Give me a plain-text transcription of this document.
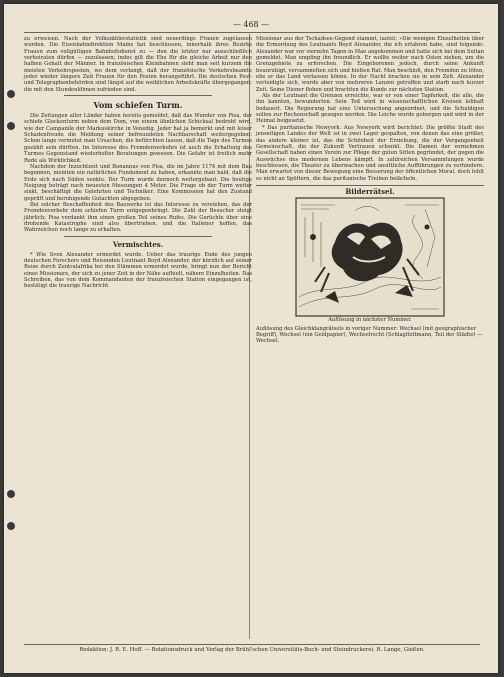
— 468 —

zu erweisen. Nach der Volkszählerstatistik sind neuerdings Frauen zugelassen worden. Die Eisenbahndirektion Mainz hat beschlossen, innerhalb ihres Bezirks Frauen zum vollgültigen Bahnhofsdienst zu — den die letzter nur ausschließlich verheiraten dürfen — zuzulassen; indes gilt die Ehe für die gleiche Arbeit nur den halben Gehalt der Männer. In französischen Kleinbahnen sieht man seit kurzem die meisten Verkehrsposten, wo dem verlangt, daß der französische Verkehrsbeamte jeder wieder längere Zeit Frauen für den Posten herangeführt. Die deutschen Post- und Telegraphenbehörden sind längst auf die weiblichen Arbeitskräfte übergegangen; die mit den Stundenlöhnen zufrieden sind.

Vom schiefen Turm.

Die Zeitungen aller Länder haben bereits gemeldet, daß das Wunder von Pisa, der schiefe Glockenturm neben dem Dom, von einem ähnlichen Schicksal bedroht wird, wie der Campanile der Markuskirche in Venedig. Jeder hat ja bemerkt und mit leiser Schadenfreude die Meldung seiner befreundeten Nachbarschaft weitergegeben: Schon lange vermutet man Ursachen, die befürchten lassen, daß die Tage des Turmes gezählt sein dürften. Im Interesse des Fremdenverkehrs ist auch die Erhaltung des Turmes Gegenstand wiederholter Beratungen gewesen. Die Gefahr ist freilich mehr Rede als Wirklichkeit.

Nachdem der Inzuchtzeit und Bonannus von Pisa, die im Jahre 1174 mit dem Bau begonnen, meinten ein natürliches Fundament zu haben, erkannte man bald, daß die Erde sich nach Süden senkte. Der Turm wurde dennoch weitergebaut. Die heutige Neigung beträgt nach neuesten Messungen 4 Meter. Die Frage ob der Turm weiter sinkt, beschäftigt die Gelehrten und Techniker. Eine Kommission hat den Zustand geprüft und beruhigende Gutachten abgegeben.

Bei solcher Beschaffenheit des Bauwerks ist das Interesse zu verstehen, das der Fremdenverkehr dem schiefen Turm entgegenbringt. Die Zahl der Besucher steigt jährlich; Pisa verdankt ihm einen großen Teil seines Rufes. Die Gerüchte über eine drohende Katastrophe sind also übertrieben, und die Italiener hoffen, das Wahrzeichen noch lange zu erhalten.

Vermischtes.

* Wie Sven Alexander ermordet wurde. Ueber das traurige Ende des jungen deutschen Forschers und Reisenden Leutnant Boyd Alexander, der kürzlich auf seiner Reise durch Zentralafrika bei den Stämmen ermordet wurde, bringt nun der Bericht eines Missionars, der sich zu jener Zeit in der Nähe aufhielt, nähere Einzelheiten. Das Schreiben, das von dem Kommandanten der französischen Station eingegangen ist, bestätigt die traurige Nachricht.

Missionar aus der Tschadsee-Gegend stammt, lautet: »Die wenigen Einzelheiten über die Ermordung des Leutnants Boyd Alexander, die ich erfahren habe, sind folgende: Alexander war vor vierzehn Tagen in Mao angekommen und hatte sich bei dem Sultan gemeldet. Man empfing ihn freundlich. Er wollte weiter nach Osten ziehen, um die Grenzgebiete zu erforschen. Die Eingeborenen jedoch, durch seine Ankunft beunruhigt, versammelten sich und hielten Rat. Man beschloß, den Fremden zu töten, ehe er das Land verlassen könne. In der Nacht brachen sie in sein Zelt. Alexander verteidigte sich, wurde aber von mehreren Lanzen getroffen und starb nach kurzer Zeit. Seine Diener flohen und brachten die Kunde zur nächsten Station.

Als der Leutnant die Grenzen erreichte, war er von einer Tapferkeit, die alle, die ihn kannten, bewunderten. Sein Tod wird in wissenschaftlichen Kreisen lebhaft bedauert. Die Regierung hat eine Untersuchung angeordnet, und die Schuldigen sollen zur Rechenschaft gezogen werden. Die Leiche wurde geborgen und wird in der Heimat beigesetzt.

* Das puritanische Newyork. Aus Newyork wird berichtet: Die größte Stadt des jenseitigen Landes der Welt ist in zwei Lager gespalten, von denen das eine größer, das andere kleiner ist, das die Schönheit der Erziehung, die der Vergangenheit Gemeinschaft, die der Zukunft Vertrauen schenkt. Die Damen der vornehmen Gesellschaft haben einen Verein zur Pflege der guten Sitten gegründet, der gegen die Auswüchse des modernen Lebens kämpft. In zahlreichen Versammlungen wurde beschlossen, die Theater zu überwachen und unsittliche Aufführungen zu verhindern. Man erwartet von dieser Bewegung eine Besserung der öffentlichen Moral, doch fehlt es nicht an Spöttern, die das puritanische Treiben belächeln.

Bilderrätsel.
Auflösung in nächster Nummer.
Auflösung des Gleichklangrätsels in voriger Nummer: Wechsel (mit geographischer Begriff), Wechsel (ein Geldpapier), Wechselrecht (Schlagflottmann, Teil der Städte) — Wechsel.
Redaktion: J. R. E. Hoff. — Rotationsdruck und Verlag der Brühl'schen Universitäts-Buch- und Steindruckerei, R. Lange, Gießen.
